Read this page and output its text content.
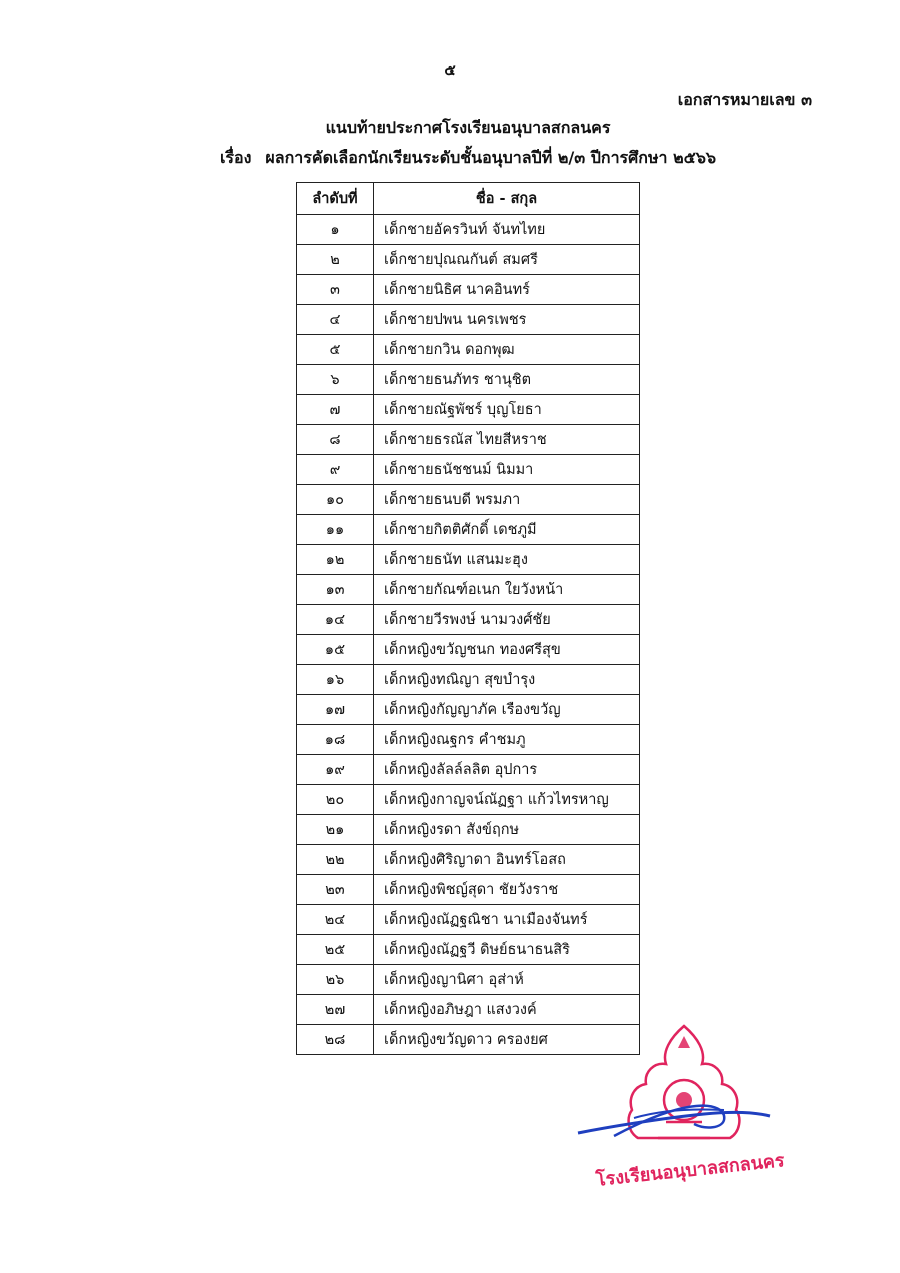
๕
เอกสารหมายเลข ๓
แนบท้ายประกาศโรงเรียนอนุบาลสกลนคร
เรื่อง ผลการคัดเลือกนักเรียนระดับชั้นอนุบาลปีที่ ๒/๓ ปีการศึกษา ๒๕๖๖
ลำดับที่	ชื่อ - สกุล
๑	เด็กชายอัครวินท์ จันทไทย
๒	เด็กชายปุณณกันต์ สมศรี
๓	เด็กชายนิธิศ นาคอินทร์
๔	เด็กชายปพน นครเพชร
๕	เด็กชายกวิน ดอกพุฒ
๖	เด็กชายธนภัทร ชานุชิต
๗	เด็กชายณัฐพัชร์ บุญโยธา
๘	เด็กชายธรณัส ไทยสีหราช
๙	เด็กชายธนัชชนม์ นิมมา
๑๐	เด็กชายธนบดี พรมภา
๑๑	เด็กชายกิตติศักดิ์ เดชภูมี
๑๒	เด็กชายธนัท แสนมะฮุง
๑๓	เด็กชายกัณฑ์อเนก ใยวังหน้า
๑๔	เด็กชายวีรพงษ์ นามวงศ์ชัย
๑๕	เด็กหญิงขวัญชนก ทองศรีสุข
๑๖	เด็กหญิงทณิญา สุขบำรุง
๑๗	เด็กหญิงกัญญาภัค เรืองขวัญ
๑๘	เด็กหญิงณฐกร คำชมภู
๑๙	เด็กหญิงลัลล์ลลิต อุปการ
๒๐	เด็กหญิงกาญจน์ณัฏฐา แก้วไทรหาญ
๒๑	เด็กหญิงรดา สังข์ฤกษ
๒๒	เด็กหญิงศิริญาดา อินทร์โอสถ
๒๓	เด็กหญิงพิชญ์สุดา ชัยวังราช
๒๔	เด็กหญิงณัฏฐณิชา นาเมืองจันทร์
๒๕	เด็กหญิงณัฏฐวี ดิษย์ธนาธนสิริ
๒๖	เด็กหญิงญานิศา อุส่าห์
๒๗	เด็กหญิงอภิษฎา แสงวงค์
๒๘	เด็กหญิงขวัญดาว ครองยศ
โรงเรียนอนุบาลสกลนคร
